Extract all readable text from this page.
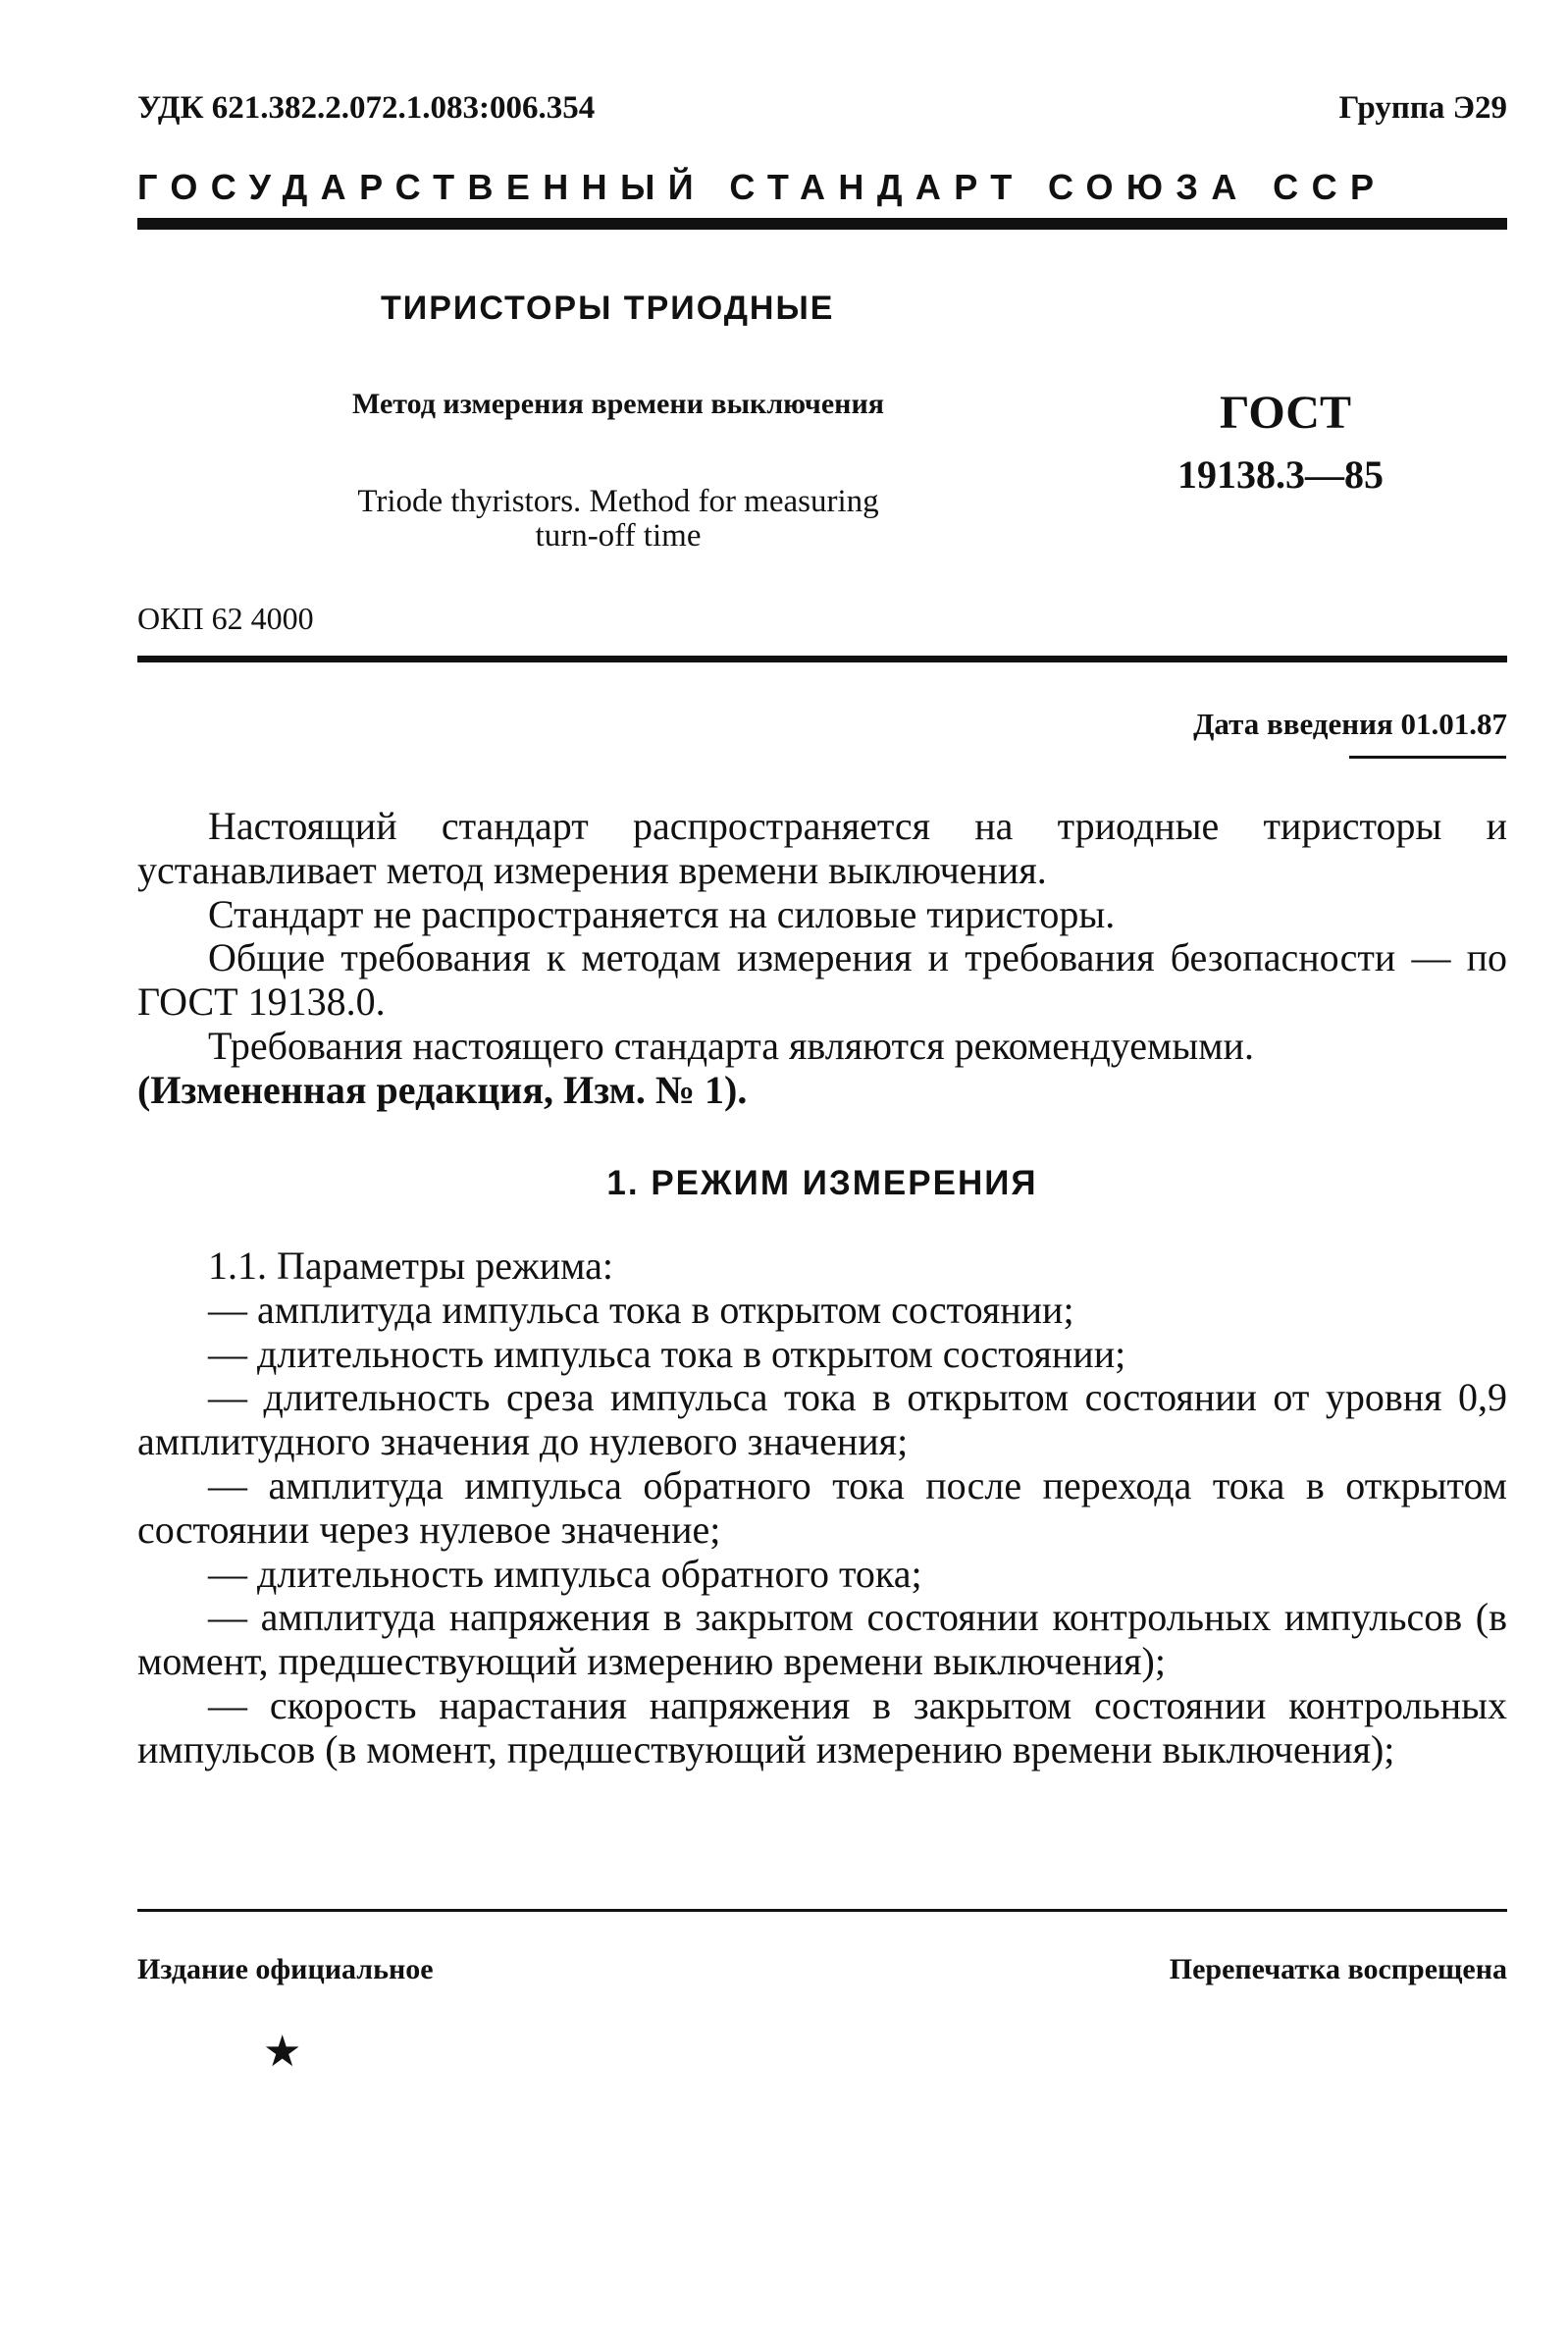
УДК 621.382.2.072.1.083:006.354	Группа Э29
ГОСУДАРСТВЕННЫЙ СТАНДАРТ СОЮЗА ССР
ТИРИСТОРЫ ТРИОДНЫЕ
Метод измерения времени выключения
Triode thyristors. Method for measuring
turn-off time
ГОСТ
19138.3—85
ОКП 62 4000
Дата введения 01.01.87

Настоящий стандарт распространяется на триодные тиристоры и устанавливает метод измерения времени выключения.

Стандарт не распространяется на силовые тиристоры.

Общие требования к методам измерения и требования безопасности — по ГОСТ 19138.0.

Требования настоящего стандарта являются рекомендуемыми.

(Измененная редакция, Изм. № 1).

1. РЕЖИМ ИЗМЕРЕНИЯ

1.1. Параметры режима:

— амплитуда импульса тока в открытом состоянии;

— длительность импульса тока в открытом состоянии;

— длительность среза импульса тока в открытом состоянии от уровня 0,9 амплитудного значения до нулевого значения;

— амплитуда импульса обратного тока после перехода тока в открытом состоянии через нулевое значение;

— длительность импульса обратного тока;

— амплитуда напряжения в закрытом состоянии контрольных импульсов (в момент, предшествующий измерению времени выключения);

— скорость нарастания напряжения в закрытом состоянии контрольных импульсов (в момент, предшествующий измерению времени выключения);

Издание официальное	Перепечатка воспрещена
★
